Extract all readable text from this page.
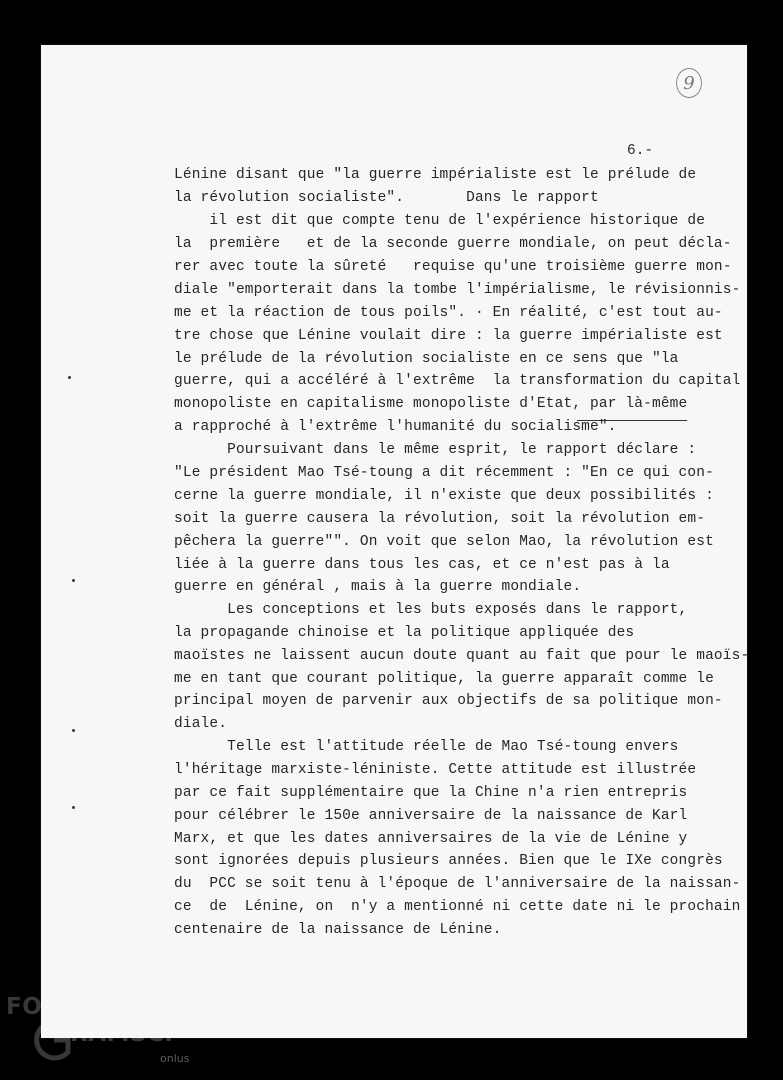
9
6.-
Lénine disant que "la guerre impérialiste est le prélude de
la révolution socialiste".       Dans le rapport
il est dit que compte tenu de l'expérience historique de
la  première   et de la seconde guerre mondiale, on peut décla-
rer avec toute la sûreté   requise qu'une troisième guerre mon-
diale "emporterait dans la tombe l'impérialisme, le révisionnis-
me et la réaction de tous poils". · En réalité, c'est tout au-
tre chose que Lénine voulait dire : la guerre impérialiste est
le prélude de la révolution socialiste en ce sens que "la
guerre, qui a accéléré à l'extrême  la transformation du capital
monopoliste en capitalisme monopoliste d'Etat, par là-même
a rapproché à l'extrême l'humanité du socialisme".
Poursuivant dans le même esprit, le rapport déclare :
"Le président Mao Tsé-toung a dit récemment : "En ce qui con-
cerne la guerre mondiale, il n'existe que deux possibilités :
soit la guerre causera la révolution, soit la révolution em-
pêchera la guerre"". On voit que selon Mao, la révolution est
liée à la guerre dans tous les cas, et ce n'est pas à la
guerre en général , mais à la guerre mondiale.
Les conceptions et les buts exposés dans le rapport,
la propagande chinoise et la politique appliquée des
maoïstes ne laissent aucun doute quant au fait que pour le maoïs-
me en tant que courant politique, la guerre apparaît comme le
principal moyen de parvenir aux objectifs de sa politique mon-
diale.
Telle est l'attitude réelle de Mao Tsé-toung envers
l'héritage marxiste-léniniste. Cette attitude est illustrée
par ce fait supplémentaire que la Chine n'a rien entrepris
pour célébrer le 150e anniversaire de la naissance de Karl
Marx, et que les dates anniversaires de la vie de Lénine y
sont ignorées depuis plusieurs années. Bien que le IXe congrès
du  PCC se soit tenu à l'époque de l'anniversaire de la naissan-
ce  de  Lénine, on  n'y a mentionné ni cette date ni le prochain
centenaire de la naissance de Lénine.
FONDAZIONE
RAMSCI
onlus
